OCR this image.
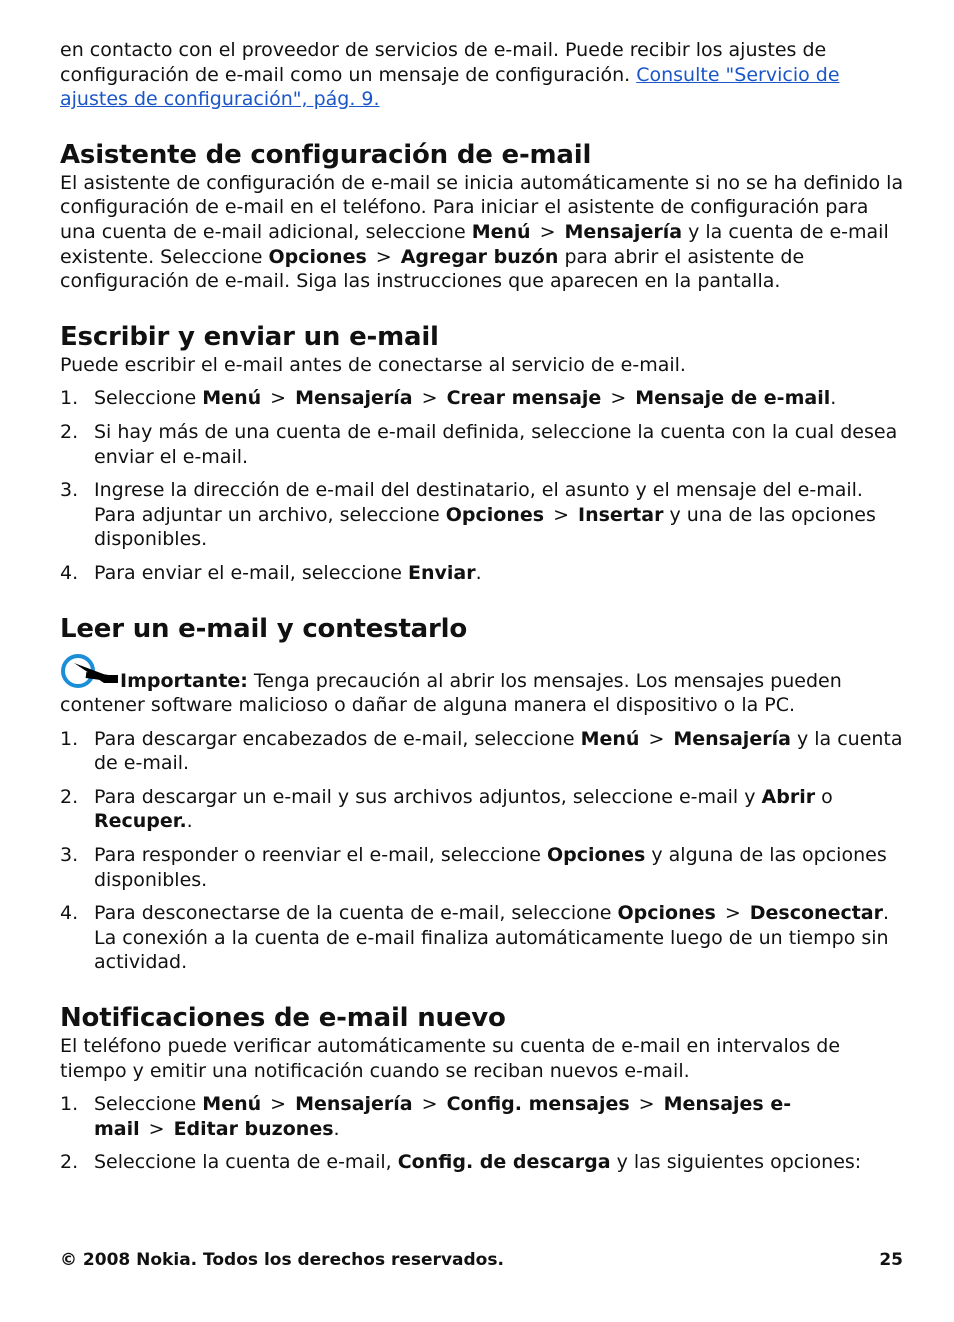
en contacto con el proveedor de servicios de e-mail. Puede recibir los ajustes de configuración de e-mail como un mensaje de configuración. Consulte "Servicio de ajustes de configuración", pág. 9.

Asistente de configuración de e-mail

El asistente de configuración de e-mail se inicia automáticamente si no se ha definido la configuración de e-mail en el teléfono. Para iniciar el asistente de configuración para una cuenta de e-mail adicional, seleccione Menú > Mensajería y la cuenta de e-mail existente. Seleccione Opciones > Agregar buzón para abrir el asistente de configuración de e-mail. Siga las instrucciones que aparecen en la pantalla.

Escribir y enviar un e-mail

Puede escribir el e-mail antes de conectarse al servicio de e-mail.

1. Seleccione Menú > Mensajería > Crear mensaje > Mensaje de e-mail.
2. Si hay más de una cuenta de e-mail definida, seleccione la cuenta con la cual desea enviar el e-mail.
3. Ingrese la dirección de e-mail del destinatario, el asunto y el mensaje del e-mail. Para adjuntar un archivo, seleccione Opciones > Insertar y una de las opciones disponibles.
4. Para enviar el e-mail, seleccione Enviar.
Leer un e-mail y contestarlo

Importante: Tenga precaución al abrir los mensajes. Los mensajes pueden contener software malicioso o dañar de alguna manera el dispositivo o la PC.

1. Para descargar encabezados de e-mail, seleccione Menú > Mensajería y la cuenta de e-mail.
2. Para descargar un e-mail y sus archivos adjuntos, seleccione e-mail y Abrir o Recuper..
3. Para responder o reenviar el e-mail, seleccione Opciones y alguna de las opciones disponibles.
4. Para desconectarse de la cuenta de e-mail, seleccione Opciones > Desconectar. La conexión a la cuenta de e-mail finaliza automáticamente luego de un tiempo sin actividad.
Notificaciones de e-mail nuevo

El teléfono puede verificar automáticamente su cuenta de e-mail en intervalos de tiempo y emitir una notificación cuando se reciban nuevos e-mail.

1. Seleccione Menú > Mensajería > Config. mensajes > Mensajes e-mail > Editar buzones.
2. Seleccione la cuenta de e-mail, Config. de descarga y las siguientes opciones:
© 2008 Nokia. Todos los derechos reservados.	25
